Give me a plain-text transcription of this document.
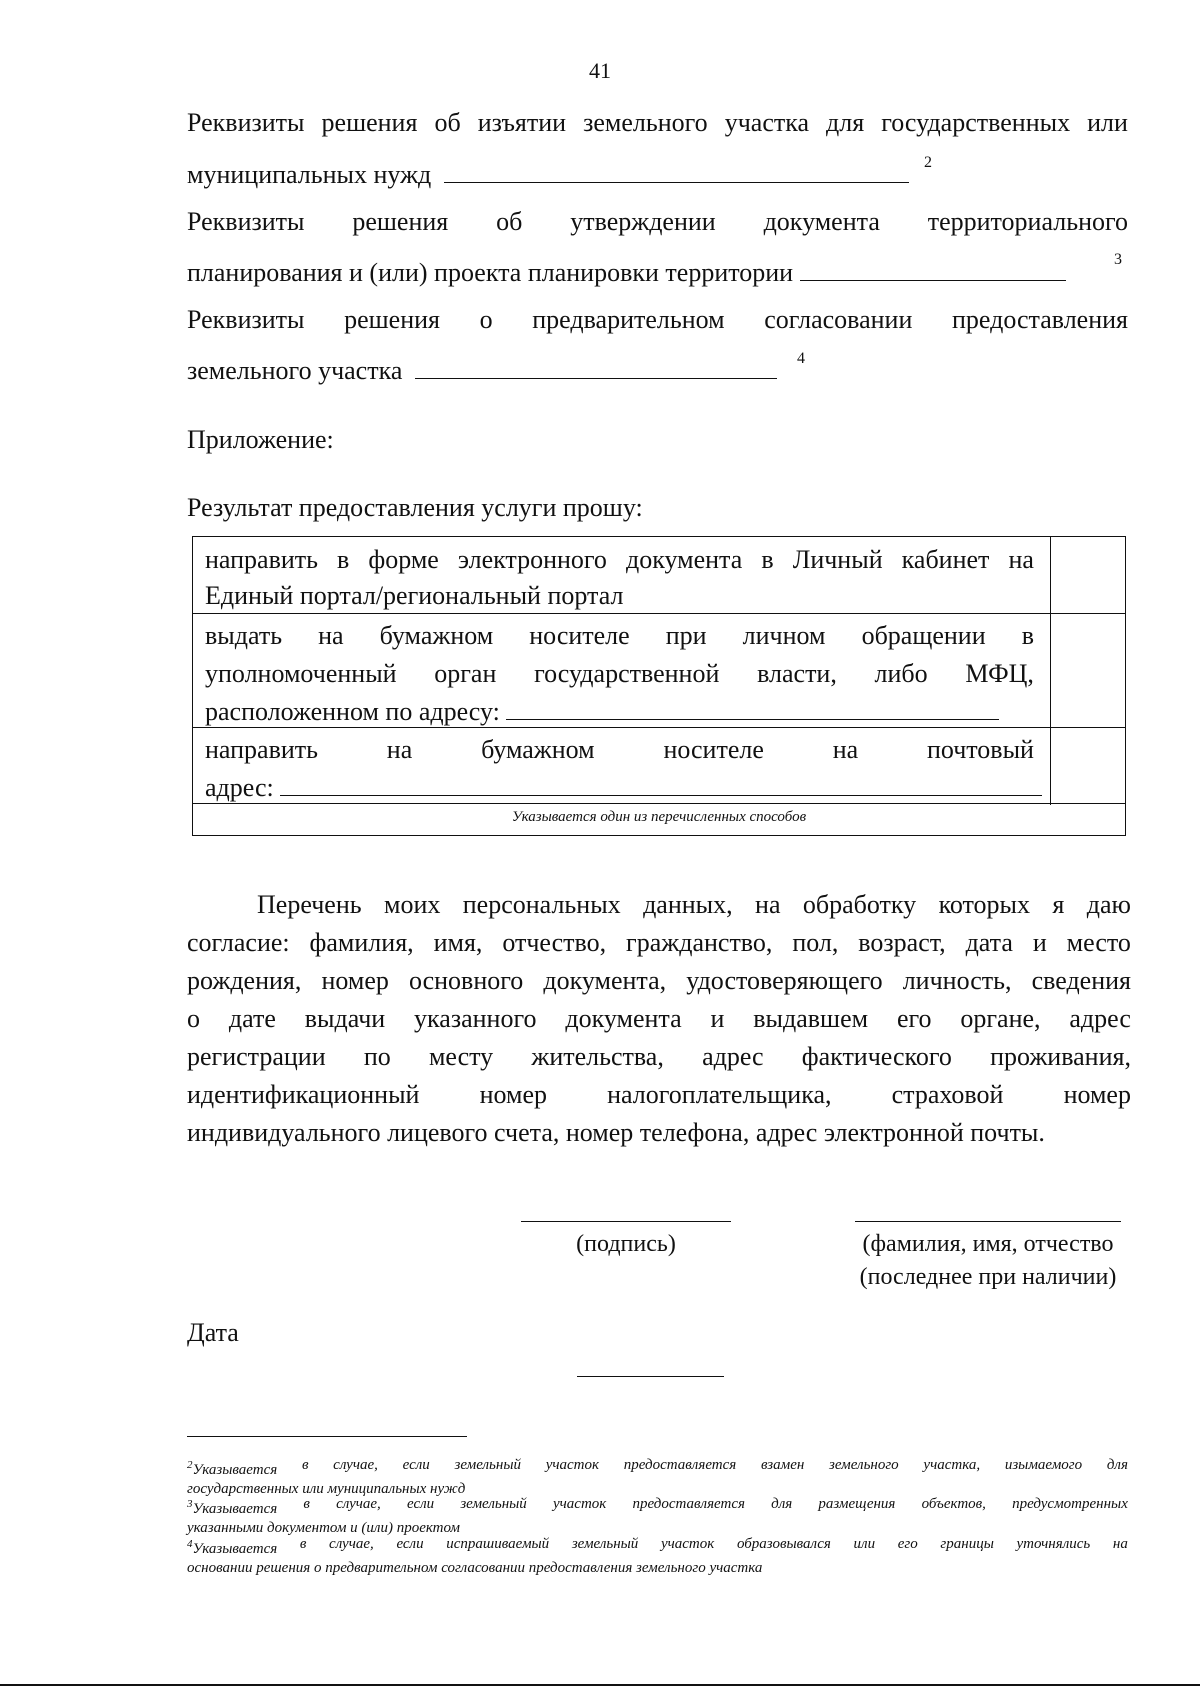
41
Реквизиты решения об изъятии земельного участка для государственных или
муниципальных нужд	2
Реквизиты решения об утверждении документа территориального
планирования и (или) проекта планировки территории	3
Реквизиты решения о предварительном согласовании предоставления
земельного участка	4
Приложение:
Результат предоставления услуги прошу:
направить в форме электронного документа в Личный кабинет на
Единый портал/региональный портал
выдать на бумажном носителе при личном обращении в
уполномоченный орган государственной власти, либо МФЦ,
расположенном по адресу:
направить	на	бумажном	носителе	на	почтовый
адрес:
Указывается один из перечисленных способов
Перечень моих персональных данных, на обработку которых я даю
согласие: фамилия, имя, отчество, гражданство, пол, возраст, дата и место
рождения, номер основного документа, удостоверяющего личность, сведения
о дате выдачи указанного документа и выдавшем его органе, адрес
регистрации по месту жительства, адрес фактического проживания,
идентификационный номер налогоплательщика, страховой номер
индивидуального лицевого счета, номер телефона, адрес электронной почты.
(подпись)	(фамилия, имя, отчество
(последнее при наличии)
Дата
$^2$Указывается в случае, если земельный участок предоставляется взамен земельного участка, изымаемого для
государственных или муниципальных нужд
$^3$Указывается в случае, если земельный участок предоставляется для размещения объектов, предусмотренных
указанными документом и (или) проектом
$^4$Указывается в случае, если испрашиваемый земельный участок образовывался или его границы уточнялись на
основании решения о предварительном согласовании предоставления земельного участка
